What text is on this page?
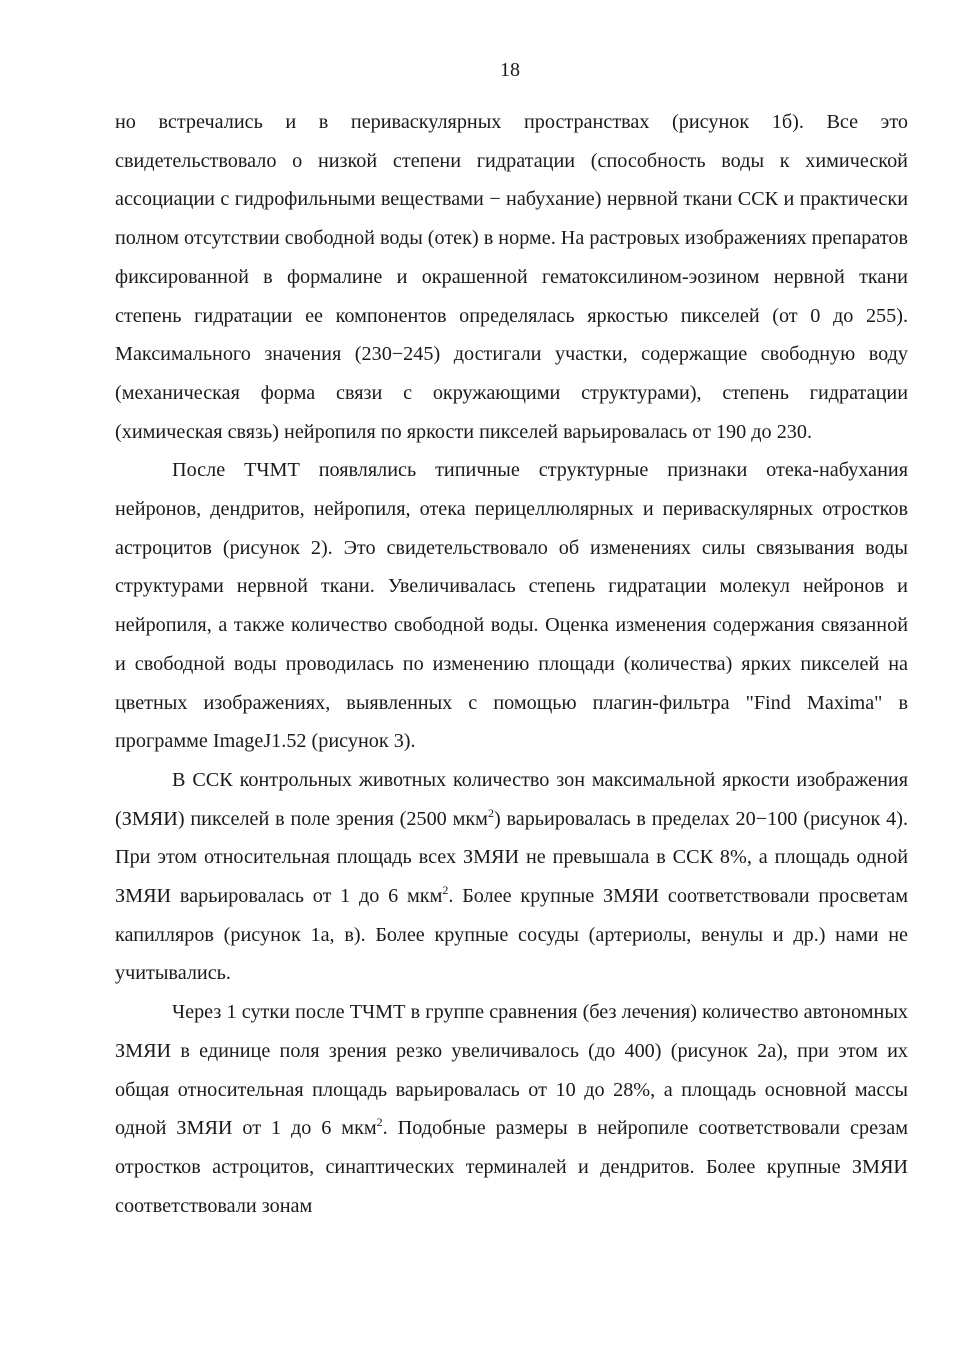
18

но встречались и в периваскулярных пространствах (рисунок 1б). Все это свидетельствовало о низкой степени гидратации (способность воды к химической ассоциации с гидрофильными веществами − набухание) нервной ткани ССК и практически полном отсутствии свободной воды (отек) в норме. На растровых изображениях препаратов фиксированной в формалине и окрашенной гематоксилином-эозином нервной ткани степень гидратации ее компонентов определялась яркостью пикселей (от 0 до 255). Максимального значения (230−245) достигали участки, содержащие свободную воду (механическая форма связи с окружающими структурами), степень гидратации (химическая связь) нейропиля по яркости пикселей варьировалась от 190 до 230.

После ТЧМТ появлялись типичные структурные признаки отека-набухания нейронов, дендритов, нейропиля, отека перицеллюлярных и периваскулярных отростков астроцитов (рисунок 2). Это свидетельствовало об изменениях силы связывания воды структурами нервной ткани. Увеличивалась степень гидратации молекул нейронов и нейропиля, а также количество свободной воды. Оценка изменения содержания связанной и свободной воды проводилась по изменению площади (количества) ярких пикселей на цветных изображениях, выявленных с помощью плагин-фильтра "Find Maxima" в программе ImageJ1.52 (рисунок 3).

В ССК контрольных животных количество зон максимальной яркости изображения (ЗМЯИ) пикселей в поле зрения (2500 мкм$^2$) варьировалась в пределах 20−100 (рисунок 4). При этом относительная площадь всех ЗМЯИ не превышала в ССК 8%, а площадь одной ЗМЯИ варьировалась от 1 до 6 мкм$^2$. Более крупные ЗМЯИ соответствовали просветам капилляров (рисунок 1а, в). Более крупные сосуды (артериолы, венулы и др.) нами не учитывались.

Через 1 сутки после ТЧМТ в группе сравнения (без лечения) количество автономных ЗМЯИ в единице поля зрения резко увеличивалось (до 400) (рисунок 2а), при этом их общая относительная площадь варьировалась от 10 до 28%, а площадь основной массы одной ЗМЯИ от 1 до 6 мкм$^2$. Подобные размеры в нейропиле соответствовали срезам отростков астроцитов, синаптических терминалей и дендритов. Более крупные ЗМЯИ соответствовали зонам
